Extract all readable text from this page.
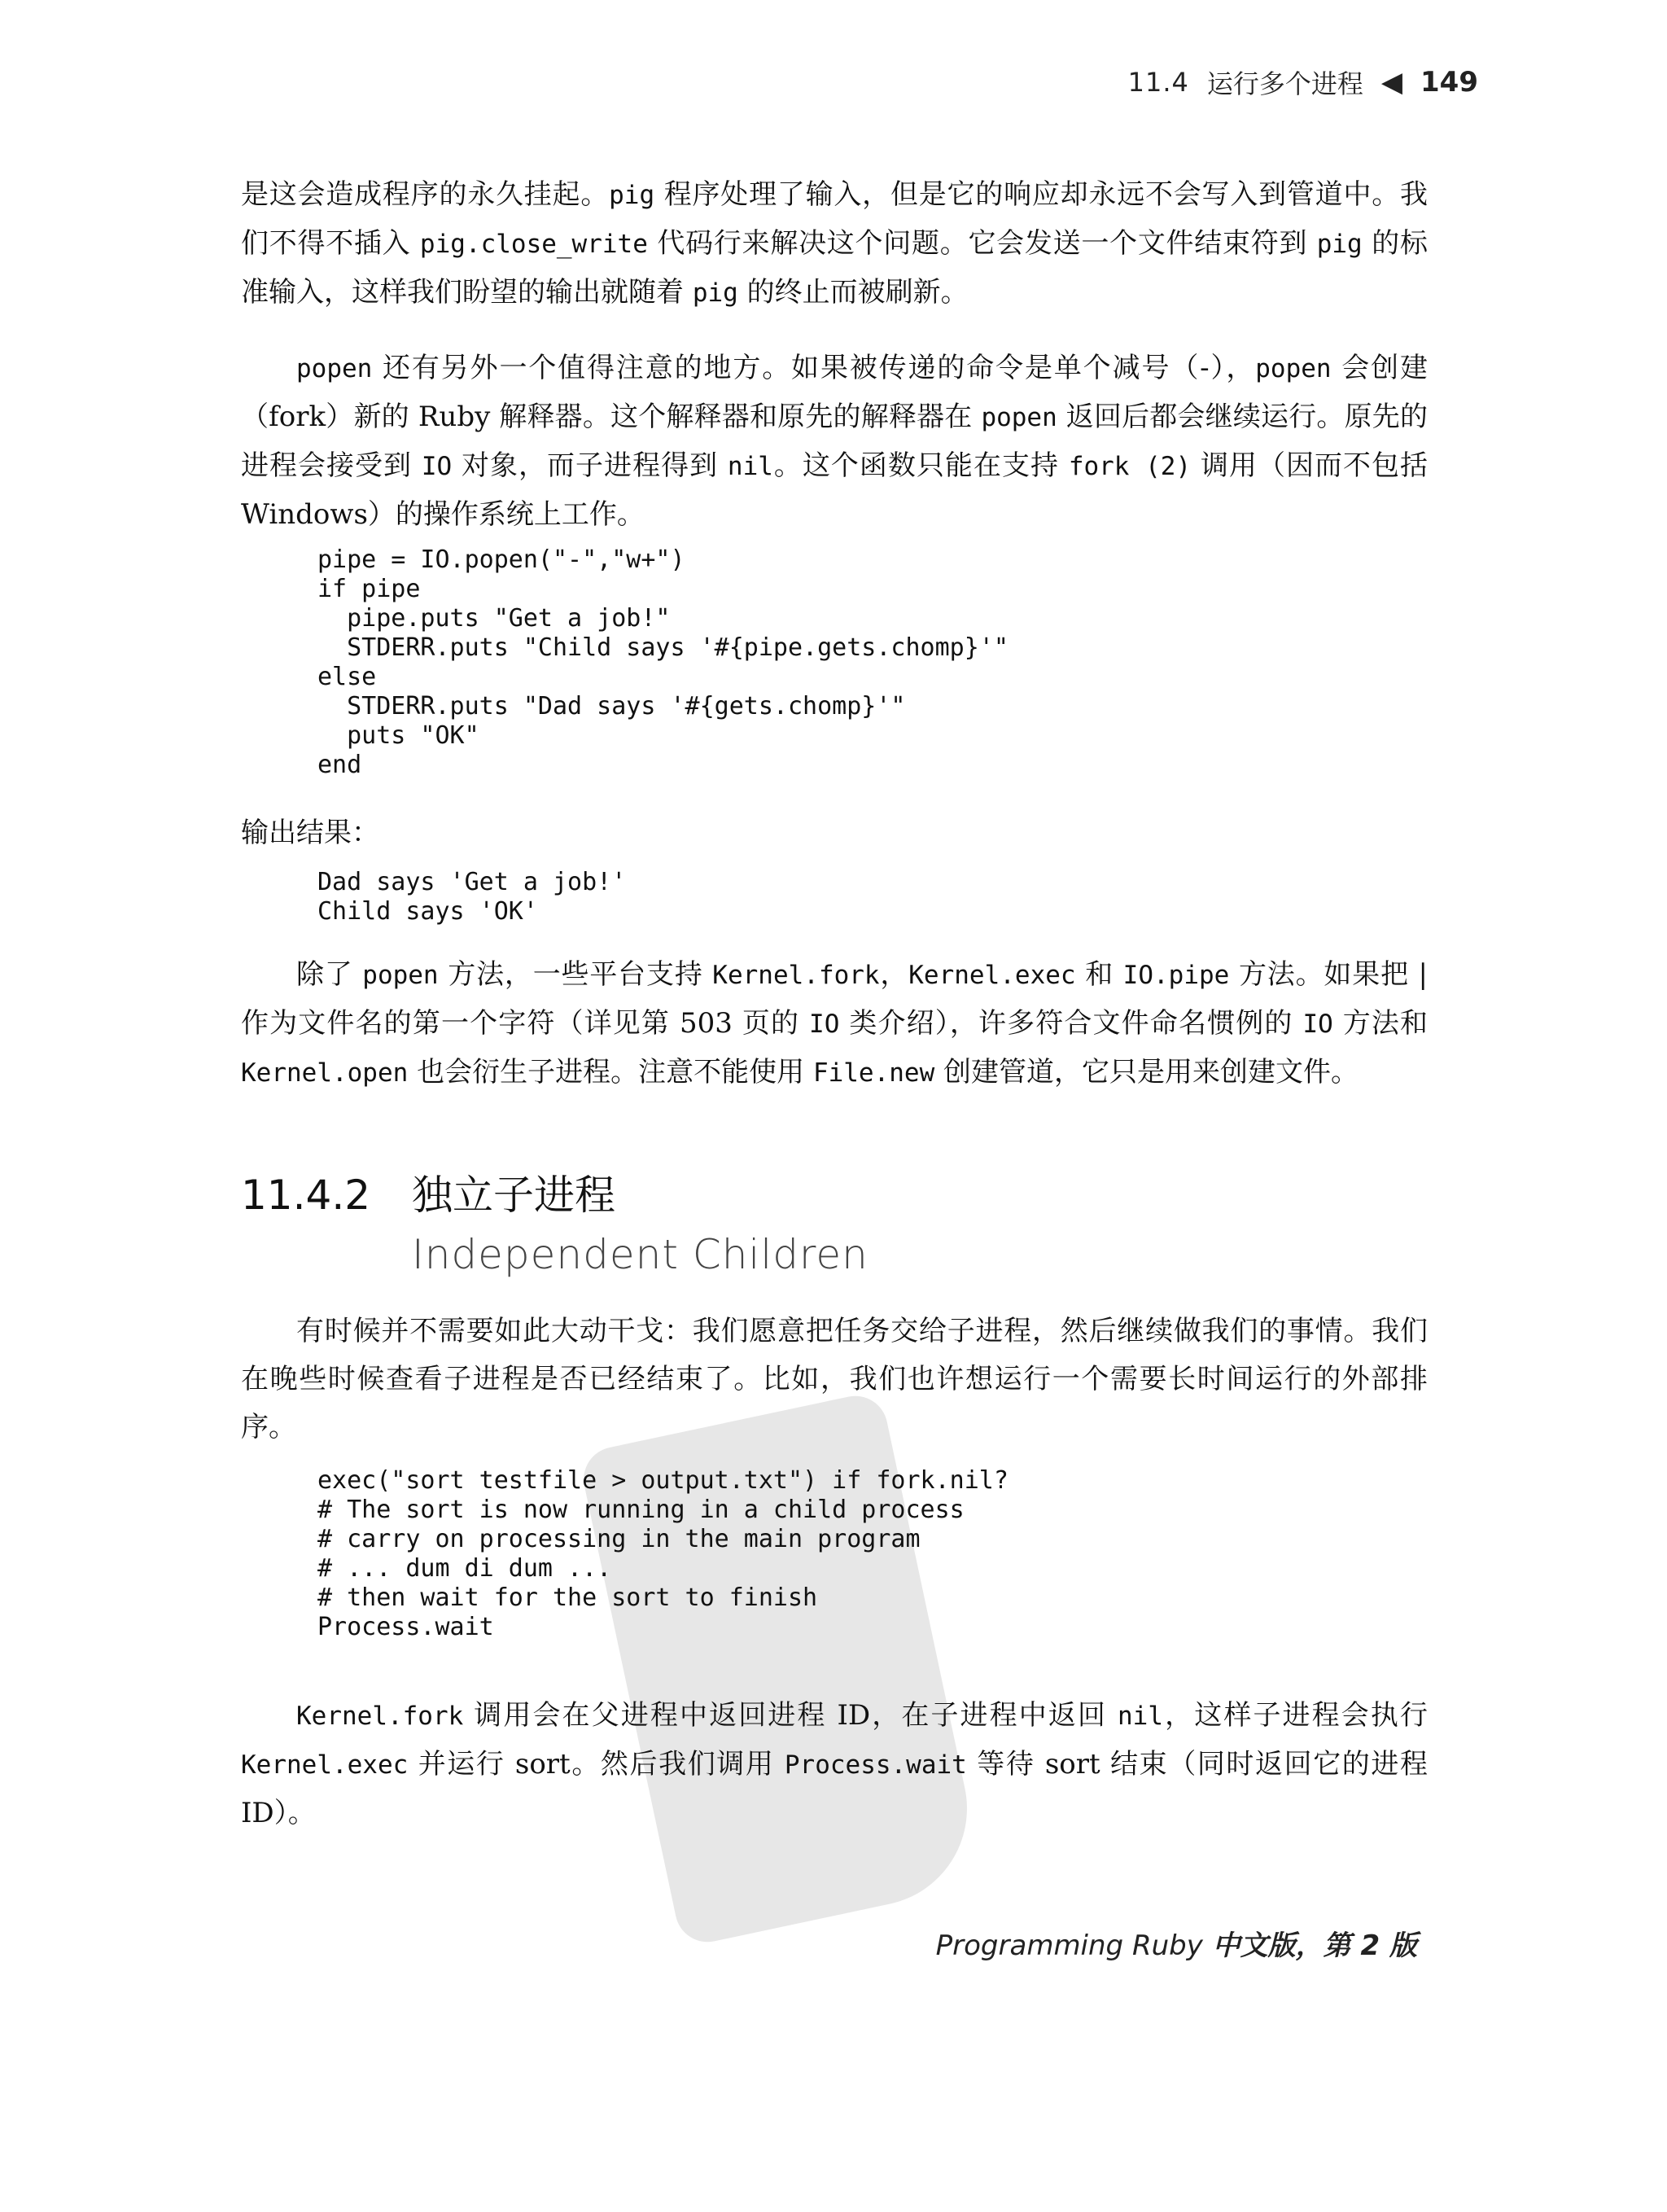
11.4 运行多个进程 ◀ 149

是这会造成程序的永久挂起。pig 程序处理了输入，但是它的响应却永远不会写入到管道中。我们不得不插入 pig.close_write 代码行来解决这个问题。它会发送一个文件结束符到 pig 的标准输入，这样我们盼望的输出就随着 pig 的终止而被刷新。

popen 还有另外一个值得注意的地方。如果被传递的命令是单个减号（-），popen 会创建（fork）新的 Ruby 解释器。这个解释器和原先的解释器在 popen 返回后都会继续运行。原先的进程会接受到 IO 对象，而子进程得到 nil。这个函数只能在支持 fork (2) 调用（因而不包括 Windows）的操作系统上工作。

pipe = IO.popen("-","w+")
if pipe
pipe.puts "Get a job!"
STDERR.puts "Child says '#{pipe.gets.chomp}'"
else
STDERR.puts "Dad says '#{gets.chomp}'"
puts "OK"
end
输出结果：
Dad says 'Get a job!'
Child says 'OK'

除了 popen 方法，一些平台支持 Kernel.fork，Kernel.exec 和 IO.pipe 方法。如果把 | 作为文件名的第一个字符（详见第 503 页的 IO 类介绍），许多符合文件命名惯例的 IO 方法和 Kernel.open 也会衍生子进程。注意不能使用 File.new 创建管道，它只是用来创建文件。

11.4.2 独立子进程
Independent Children

有时候并不需要如此大动干戈：我们愿意把任务交给子进程，然后继续做我们的事情。我们在晚些时候查看子进程是否已经结束了。比如，我们也许想运行一个需要长时间运行的外部排序。

exec("sort testfile > output.txt") if fork.nil?
# The sort is now running in a child process
# carry on processing in the main program
# ... dum di dum ...
# then wait for the sort to finish
Process.wait

Kernel.fork 调用会在父进程中返回进程 ID，在子进程中返回 nil，这样子进程会执行 Kernel.exec 并运行 sort。然后我们调用 Process.wait 等待 sort 结束（同时返回它的进程 ID）。

Programming Ruby 中文版，第 2 版
